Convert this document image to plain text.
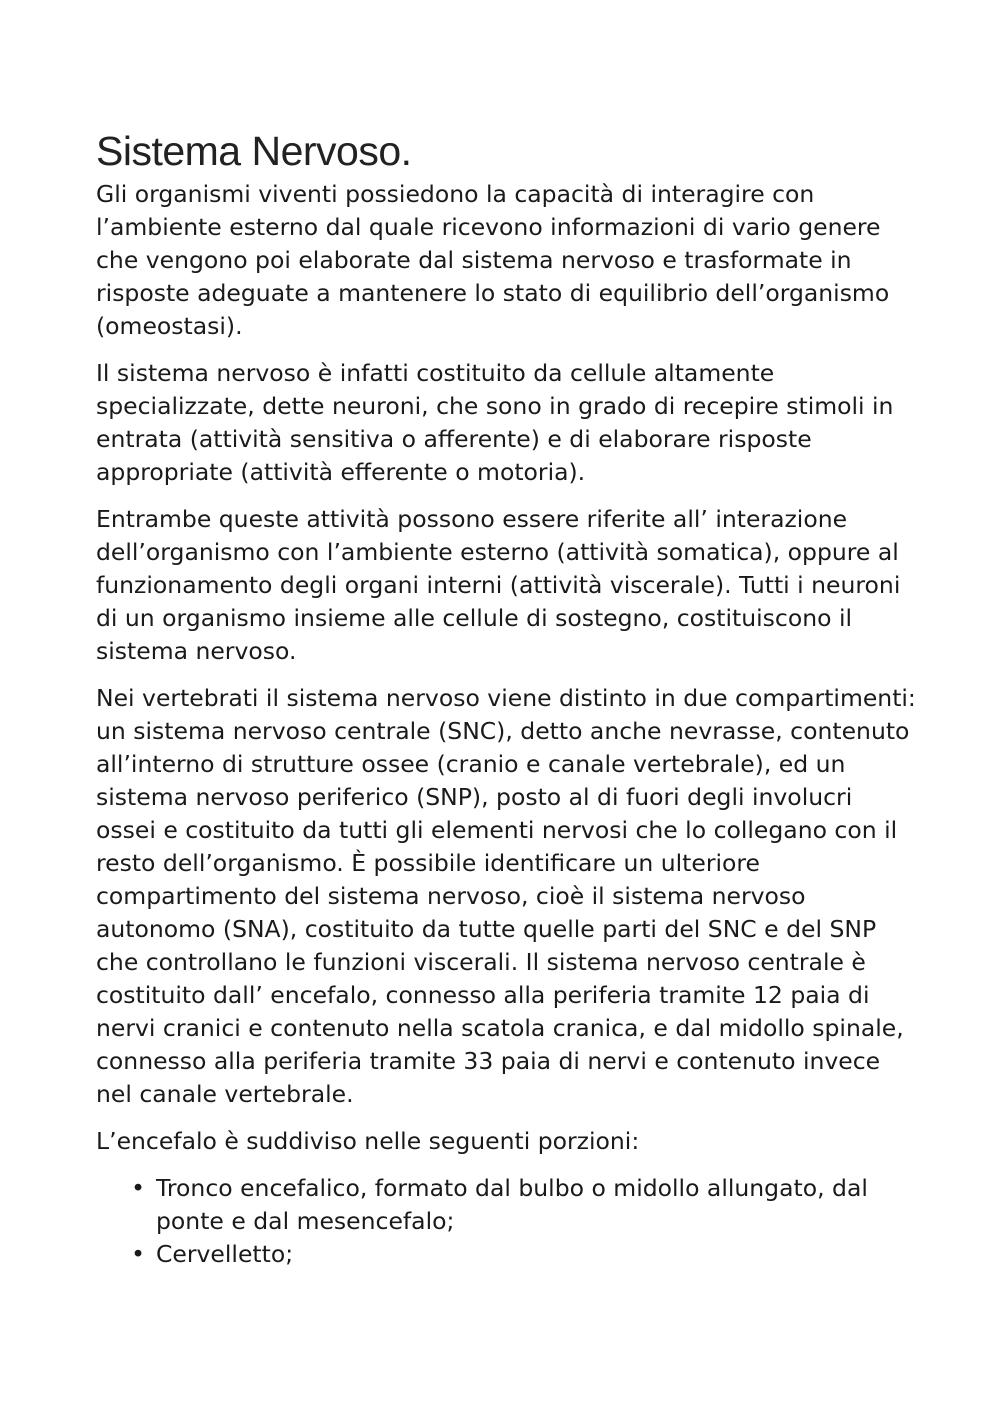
Sistema Nervoso.

Gli organismi viventi possiedono la capacità di interagire con l’ambiente esterno dal quale ricevono informazioni di vario genere che vengono poi elaborate dal sistema nervoso e trasformate in risposte adeguate a mantenere lo stato di equilibrio dell’organismo (omeostasi).

Il sistema nervoso è infatti costituito da cellule altamente specializzate, dette neuroni, che sono in grado di recepire stimoli in entrata (attività sensitiva o afferente) e di elaborare risposte appropriate (attività efferente o motoria).

Entrambe queste attività possono essere riferite all’ interazione dell’organismo con l’ambiente esterno (attività somatica), oppure al funzionamento degli organi interni (attività viscerale). Tutti i neuroni di un organismo insieme alle cellule di sostegno, costituiscono il sistema nervoso.

Nei vertebrati il sistema nervoso viene distinto in due compartimenti: un sistema nervoso centrale (SNC), detto anche nevrasse, contenuto all’interno di strutture ossee (cranio e canale vertebrale), ed un sistema nervoso periferico (SNP), posto al di fuori degli involucri ossei e costituito da tutti gli elementi nervosi che lo collegano con il resto dell’organismo. È possibile identificare un ulteriore compartimento del sistema nervoso, cioè il sistema nervoso autonomo (SNA), costituito da tutte quelle parti del SNC e del SNP che controllano le funzioni viscerali. Il sistema nervoso centrale è costituito dall’ encefalo, connesso alla periferia tramite 12 paia di nervi cranici e contenuto nella scatola cranica, e dal midollo spinale, connesso alla periferia tramite 33 paia di nervi e contenuto invece nel canale vertebrale.

L’encefalo è suddiviso nelle seguenti porzioni:

• Tronco encefalico, formato dal bulbo o midollo allungato, dal ponte e dal mesencefalo;
• Cervelletto;
